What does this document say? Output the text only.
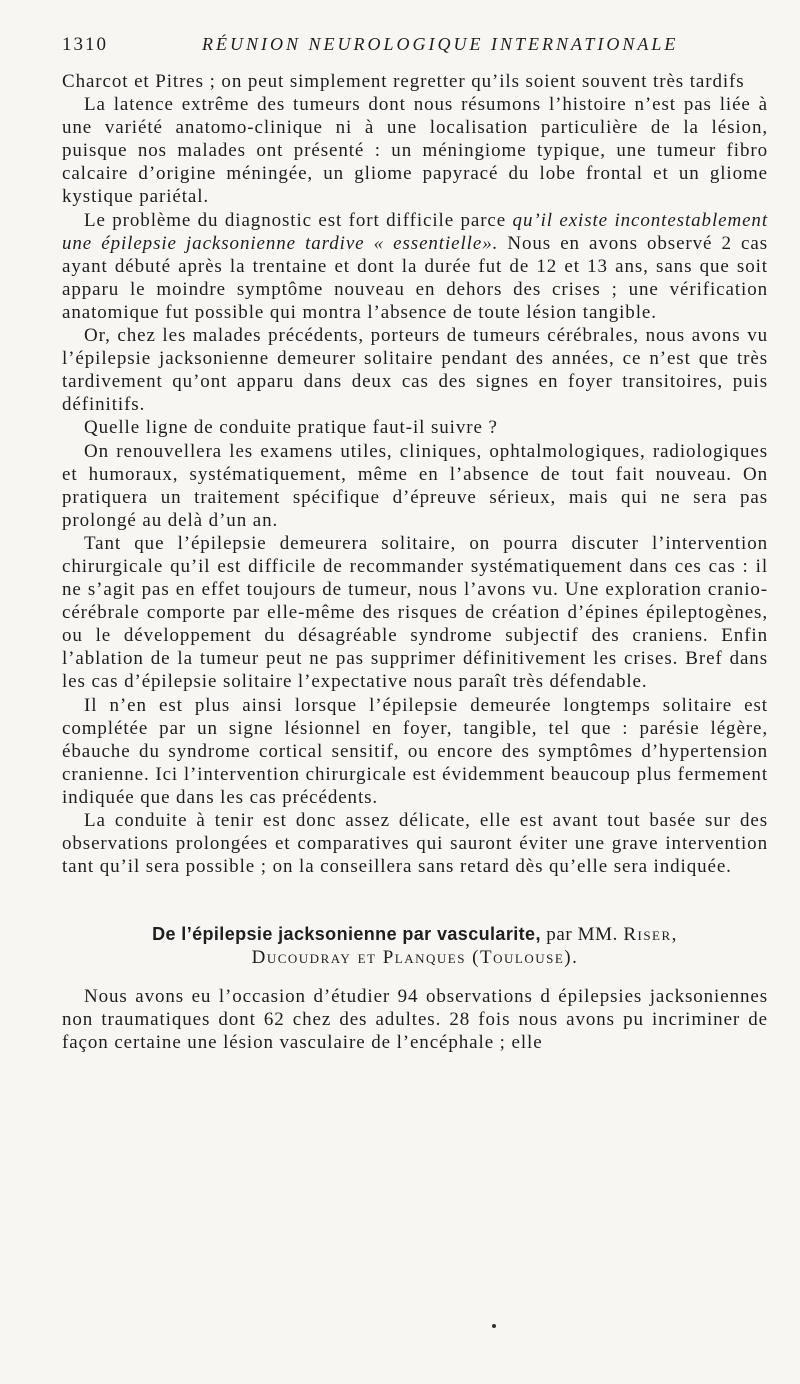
1310	RÉUNION NEUROLOGIQUE INTERNATIONALE

Charcot et Pitres ; on peut simplement regretter qu’ils soient souvent très tardifs

La latence extrême des tumeurs dont nous résumons l’histoire n’est pas liée à une variété anatomo-clinique ni à une localisation particulière de la lésion, puisque nos malades ont présenté : un méningiome typique, une tumeur fibro calcaire d’origine méningée, un gliome papyracé du lobe frontal et un gliome kystique pariétal.

Le problème du diagnostic est fort difficile parce qu’il existe incontestablement une épilepsie jacksonienne tardive « essentielle». Nous en avons observé 2 cas ayant débuté après la trentaine et dont la durée fut de 12 et 13 ans, sans que soit apparu le moindre symptôme nouveau en dehors des crises ; une vérification anatomique fut possible qui montra l’absence de toute lésion tangible.

Or, chez les malades précédents, porteurs de tumeurs cérébrales, nous avons vu l’épilepsie jacksonienne demeurer solitaire pendant des années, ce n’est que très tardivement qu’ont apparu dans deux cas des signes en foyer transitoires, puis définitifs.

Quelle ligne de conduite pratique faut-il suivre ?

On renouvellera les examens utiles, cliniques, ophtalmologiques, radiologiques et humoraux, systématiquement, même en l’absence de tout fait nouveau. On pratiquera un traitement spécifique d’épreuve sérieux, mais qui ne sera pas prolongé au delà d’un an.

Tant que l’épilepsie demeurera solitaire, on pourra discuter l’intervention chirurgicale qu’il est difficile de recommander systématiquement dans ces cas : il ne s’agit pas en effet toujours de tumeur, nous l’avons vu. Une exploration cranio-cérébrale comporte par elle-même des risques de création d’épines épileptogènes, ou le développement du désagréable syndrome subjectif des craniens. Enfin l’ablation de la tumeur peut ne pas supprimer définitivement les crises. Bref dans les cas d’épilepsie solitaire l’expectative nous paraît très défendable.

Il n’en est plus ainsi lorsque l’épilepsie demeurée longtemps solitaire est complétée par un signe lésionnel en foyer, tangible, tel que : parésie légère, ébauche du syndrome cortical sensitif, ou encore des symptômes d’hypertension cranienne. Ici l’intervention chirurgicale est évidemment beaucoup plus fermement indiquée que dans les cas précédents.

La conduite à tenir est donc assez délicate, elle est avant tout basée sur des observations prolongées et comparatives qui sauront éviter une grave intervention tant qu’il sera possible ; on la conseillera sans retard dès qu’elle sera indiquée.

De l’épilepsie jacksonienne par vascularite, par MM. Riser,
Ducoudray et Planques (Toulouse).

Nous avons eu l’occasion d’étudier 94 observations d épilepsies jacksoniennes non traumatiques dont 62 chez des adultes. 28 fois nous avons pu incriminer de façon certaine une lésion vasculaire de l’encéphale ; elle
